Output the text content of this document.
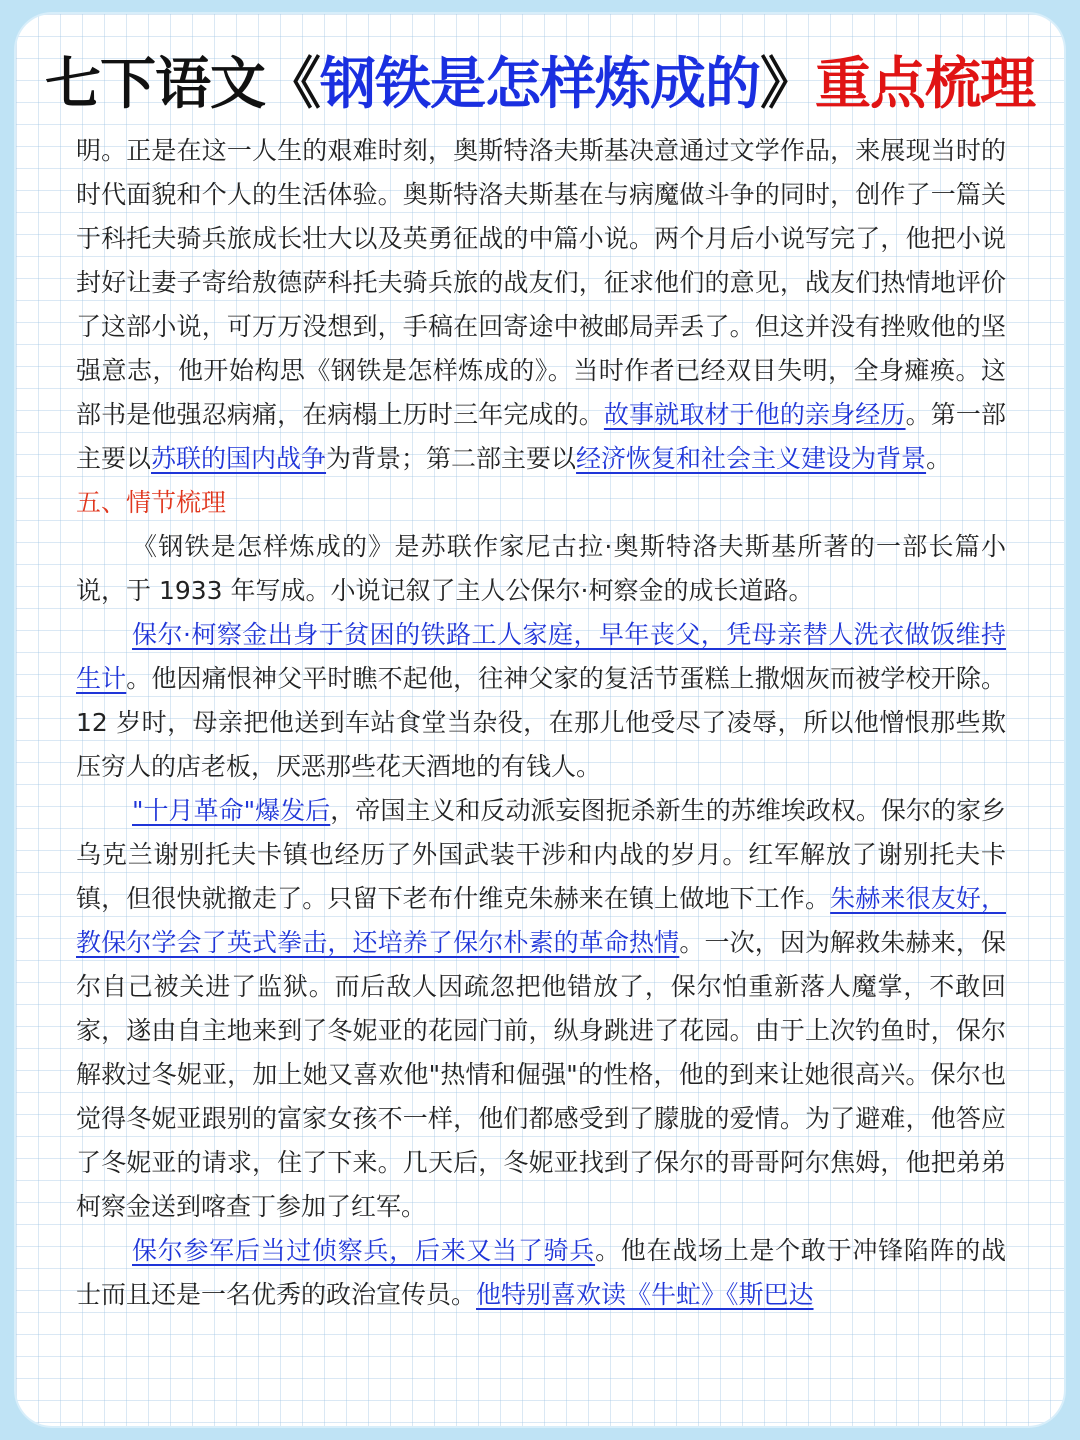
七下语文《钢铁是怎样炼成的》重点梳理

明。正是在这一人生的艰难时刻，奥斯特洛夫斯基决意通过文学作品，来展现当时的时代面貌和个人的生活体验。奥斯特洛夫斯基在与病魔做斗争的同时，创作了一篇关于科托夫骑兵旅成长壮大以及英勇征战的中篇小说。两个月后小说写完了，他把小说封好让妻子寄给敖德萨科托夫骑兵旅的战友们，征求他们的意见，战友们热情地评价了这部小说，可万万没想到，手稿在回寄途中被邮局弄丢了。但这并没有挫败他的坚强意志，他开始构思《钢铁是怎样炼成的》。当时作者已经双目失明，全身瘫痪。这部书是他强忍病痛，在病榻上历时三年完成的。故事就取材于他的亲身经历。第一部主要以苏联的国内战争为背景；第二部主要以经济恢复和社会主义建设为背景。

五、情节梳理

《钢铁是怎样炼成的》是苏联作家尼古拉·奥斯特洛夫斯基所著的一部长篇小说，于 1933 年写成。小说记叙了主人公保尔·柯察金的成长道路。

保尔·柯察金出身于贫困的铁路工人家庭，早年丧父，凭母亲替人洗衣做饭维持生计。他因痛恨神父平时瞧不起他，往神父家的复活节蛋糕上撒烟灰而被学校开除。12 岁时，母亲把他送到车站食堂当杂役，在那儿他受尽了凌辱，所以他憎恨那些欺压穷人的店老板，厌恶那些花天酒地的有钱人。

"十月革命"爆发后，帝国主义和反动派妄图扼杀新生的苏维埃政权。保尔的家乡乌克兰谢别托夫卡镇也经历了外国武装干涉和内战的岁月。红军解放了谢别托夫卡镇，但很快就撤走了。只留下老布什维克朱赫来在镇上做地下工作。朱赫来很友好，教保尔学会了英式拳击，还培养了保尔朴素的革命热情。一次，因为解救朱赫来，保尔自己被关进了监狱。而后敌人因疏忽把他错放了，保尔怕重新落人魔掌，不敢回家，遂由自主地来到了冬妮亚的花园门前，纵身跳进了花园。由于上次钓鱼时，保尔解救过冬妮亚，加上她又喜欢他"热情和倔强"的性格，他的到来让她很高兴。保尔也觉得冬妮亚跟别的富家女孩不一样，他们都感受到了朦胧的爱情。为了避难，他答应了冬妮亚的请求，住了下来。几天后，冬妮亚找到了保尔的哥哥阿尔焦姆，他把弟弟柯察金送到喀查丁参加了红军。

保尔参军后当过侦察兵，后来又当了骑兵。他在战场上是个敢于冲锋陷阵的战士而且还是一名优秀的政治宣传员。他特别喜欢读《牛虻》《斯巴达
